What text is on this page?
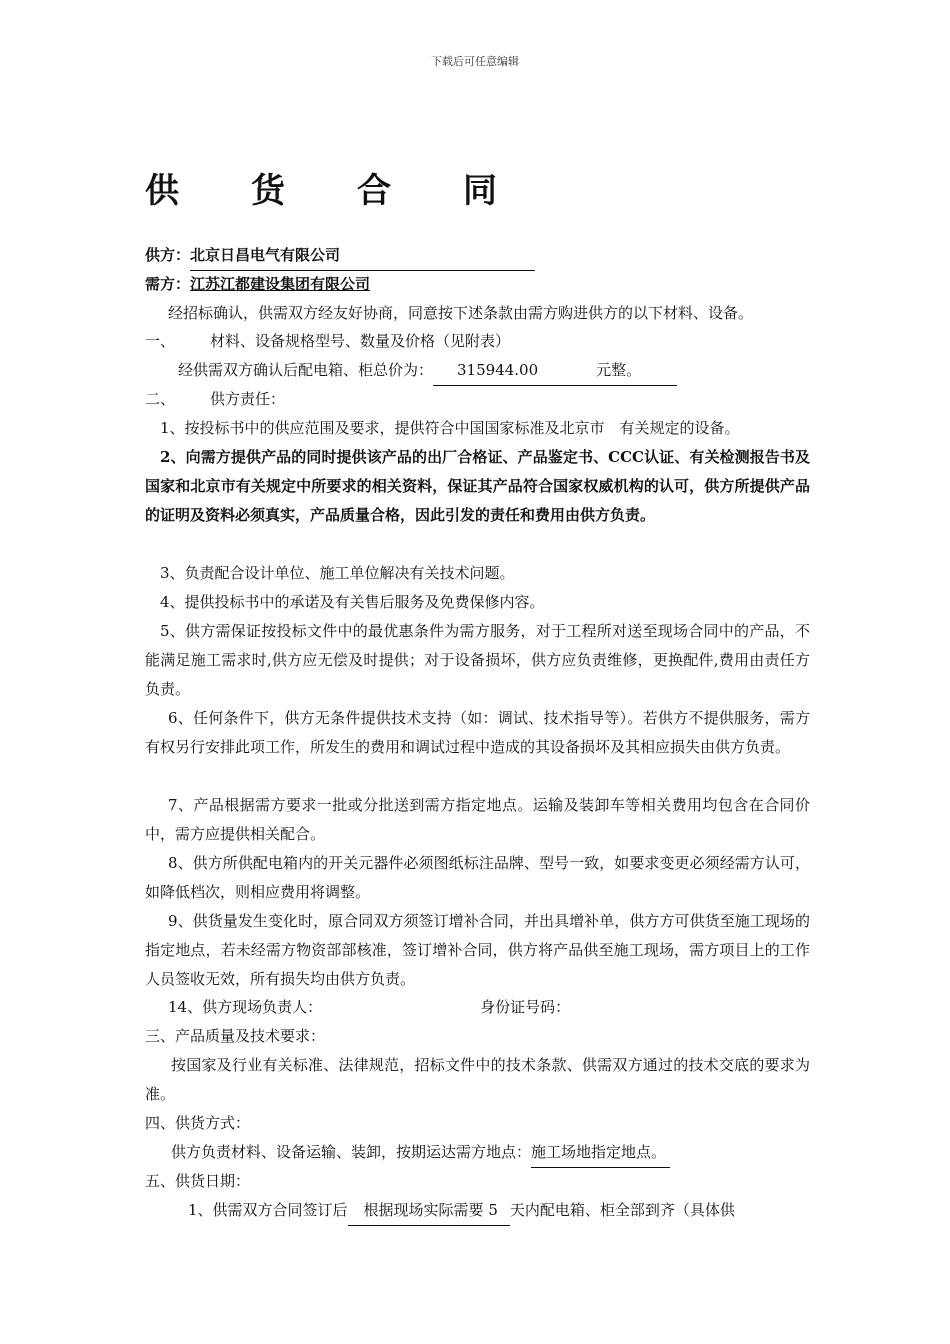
下载后可任意编辑
供 货 合 同
供方：北京日昌电气有限公司
需方：江苏江都建设集团有限公司
经招标确认，供需双方经友好协商，同意按下述条款由需方购进供方的以下材料、设备。
一、 材料、设备规格型号、数量及价格（见附表）
经供需双方确认后配电箱、柜总价为： 315944.00	元整。
二、 供方责任：
1、按投标书中的供应范围及要求，提供符合中国国家标准及北京市　有关规定的设备。
2、向需方提供产品的同时提供该产品的出厂合格证、产品鉴定书、CCC认证、有关检测报告书及国家和北京市有关规定中所要求的相关资料，保证其产品符合国家权威机构的认可，供方所提供产品的证明及资料必须真实，产品质量合格，因此引发的责任和费用由供方负责。
3、负责配合设计单位、施工单位解决有关技术问题。
4、提供投标书中的承诺及有关售后服务及免费保修内容。
5、供方需保证按投标文件中的最优惠条件为需方服务，对于工程所对送至现场合同中的产品，不能满足施工需求时,供方应无偿及时提供；对于设备损坏，供方应负责维修，更换配件,费用由责任方负责。
6、任何条件下，供方无条件提供技术支持（如：调试、技术指导等）。若供方不提供服务，需方有权另行安排此项工作，所发生的费用和调试过程中造成的其设备损坏及其相应损失由供方负责。
7、产品根据需方要求一批或分批送到需方指定地点。运输及装卸车等相关费用均包含在合同价中，需方应提供相关配合。
8、供方所供配电箱内的开关元器件必须图纸标注品牌、型号一致，如要求变更必须经需方认可，如降低档次，则相应费用将调整。
9、供货量发生变化时，原合同双方须签订增补合同，并出具增补单，供方方可供货至施工现场的指定地点，若未经需方物资部部核准，签订增补合同，供方将产品供至施工现场，需方项目上的工作人员签收无效，所有损失均由供方负责。
14、供方现场负责人：	身份证号码：
三、产品质量及技术要求：
按国家及行业有关标准、法律规范，招标文件中的技术条款、供需双方通过的技术交底的要求为准。
四、供货方式：
供方负责材料、设备运输、装卸，按期运达需方地点：施工场地指定地点。
五、供货日期：
1、供需双方合同签订后 根据现场实际需要 5 天内配电箱、柜全部到齐（具体供
